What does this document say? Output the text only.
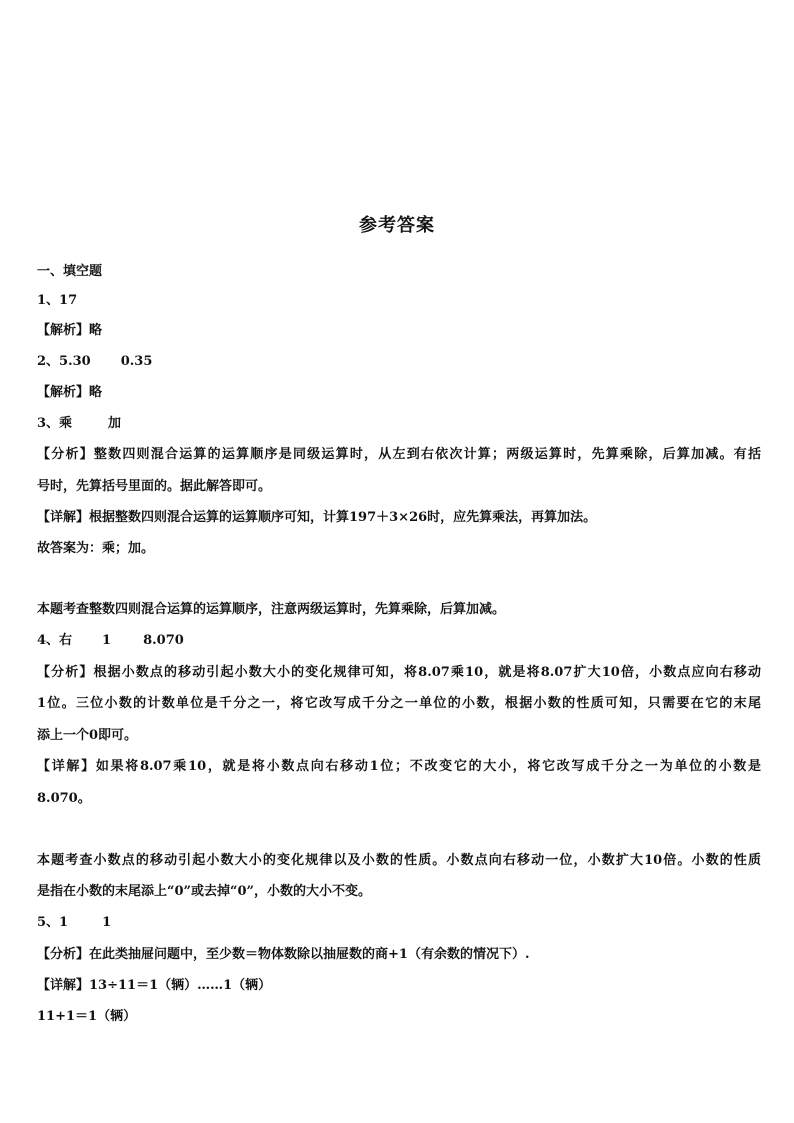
参考答案
一、填空题
1、17
【解析】略
2、5.30 0.35
【解析】略
3、乘	加
【分析】整数四则混合运算的运算顺序是同级运算时，从左到右依次计算；两级运算时，先算乘除，后算加减。有括
号时，先算括号里面的。据此解答即可。
【详解】根据整数四则混合运算的运算顺序可知，计算197＋3×26时，应先算乘法，再算加法。
故答案为：乘；加。
本题考查整数四则混合运算的运算顺序，注意两级运算时，先算乘除，后算加减。
4、右 1 8.070
【分析】根据小数点的移动引起小数大小的变化规律可知，将8.07乘10，就是将8.07扩大10倍，小数点应向右移动
1位。三位小数的计数单位是千分之一，将它改写成千分之一单位的小数，根据小数的性质可知，只需要在它的末尾
添上一个0即可。
【详解】如果将8.07乘10，就是将小数点向右移动1位；不改变它的大小，将它改写成千分之一为单位的小数是
8.070。
本题考查小数点的移动引起小数大小的变化规律以及小数的性质。小数点向右移动一位，小数扩大10倍。小数的性质
是指在小数的末尾添上“0”或去掉“0”，小数的大小不变。
5、1	1
【分析】在此类抽屉问题中，至少数＝物体数除以抽屉数的商+1（有余数的情况下）.
【详解】13÷11＝1（辆）……1（辆）
11+1＝1（辆）
